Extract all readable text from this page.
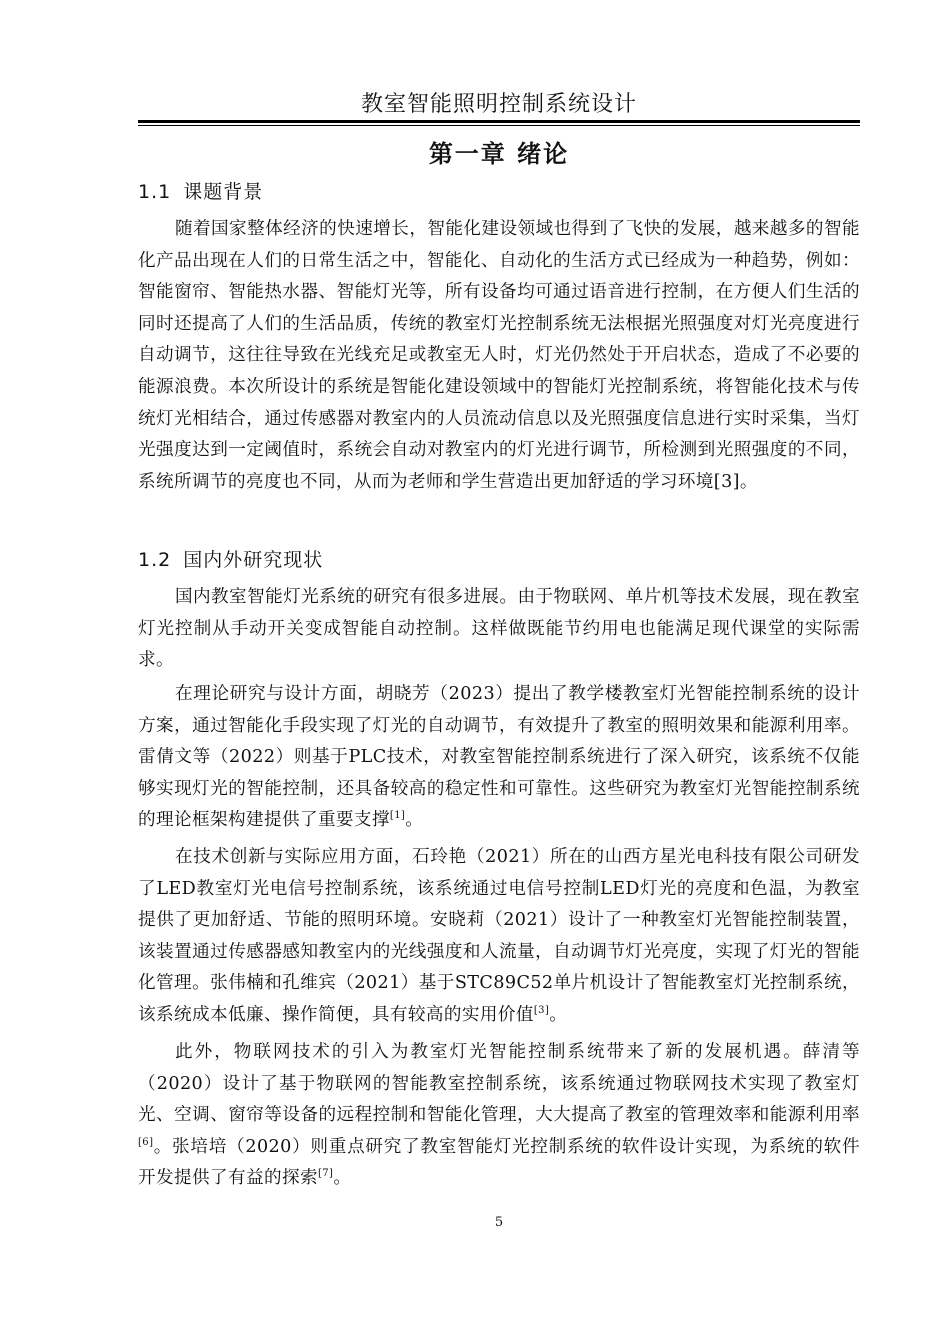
教室智能照明控制系统设计
第一章 绪论
1.1 课题背景

随着国家整体经济的快速增长，智能化建设领域也得到了飞快的发展，越来越多的智能化产品出现在人们的日常生活之中，智能化、自动化的生活方式已经成为一种趋势，例如：智能窗帘、智能热水器、智能灯光等，所有设备均可通过语音进行控制，在方便人们生活的同时还提高了人们的生活品质，传统的教室灯光控制系统无法根据光照强度对灯光亮度进行自动调节，这往往导致在光线充足或教室无人时，灯光仍然处于开启状态，造成了不必要的能源浪费。本次所设计的系统是智能化建设领域中的智能灯光控制系统，将智能化技术与传统灯光相结合，通过传感器对教室内的人员流动信息以及光照强度信息进行实时采集，当灯光强度达到一定阈值时，系统会自动对教室内的灯光进行调节，所检测到光照强度的不同，系统所调节的亮度也不同，从而为老师和学生营造出更加舒适的学习环境[3]。

1.2 国内外研究现状

国内教室智能灯光系统的研究有很多进展。由于物联网、单片机等技术发展，现在教室灯光控制从手动开关变成智能自动控制。这样做既能节约用电也能满足现代课堂的实际需求。

在理论研究与设计方面，胡晓芳（2023）提出了教学楼教室灯光智能控制系统的设计方案，通过智能化手段实现了灯光的自动调节，有效提升了教室的照明效果和能源利用率。雷倩文等（2022）则基于PLC技术，对教室智能控制系统进行了深入研究，该系统不仅能够实现灯光的智能控制，还具备较高的稳定性和可靠性。这些研究为教室灯光智能控制系统的理论框架构建提供了重要支撑[1]。

在技术创新与实际应用方面，石玲艳（2021）所在的山西方星光电科技有限公司研发了LED教室灯光电信号控制系统，该系统通过电信号控制LED灯光的亮度和色温，为教室提供了更加舒适、节能的照明环境。安晓莉（2021）设计了一种教室灯光智能控制装置，该装置通过传感器感知教室内的光线强度和人流量，自动调节灯光亮度，实现了灯光的智能化管理。张伟楠和孔维宾（2021）基于STC89C52单片机设计了智能教室灯光控制系统，该系统成本低廉、操作简便，具有较高的实用价值[3]。

此外，物联网技术的引入为教室灯光智能控制系统带来了新的发展机遇。薛清等（2020）设计了基于物联网的智能教室控制系统，该系统通过物联网技术实现了教室灯光、空调、窗帘等设备的远程控制和智能化管理，大大提高了教室的管理效率和能源利用率[6]。张培培（2020）则重点研究了教室智能灯光控制系统的软件设计实现，为系统的软件开发提供了有益的探索[7]。

5
